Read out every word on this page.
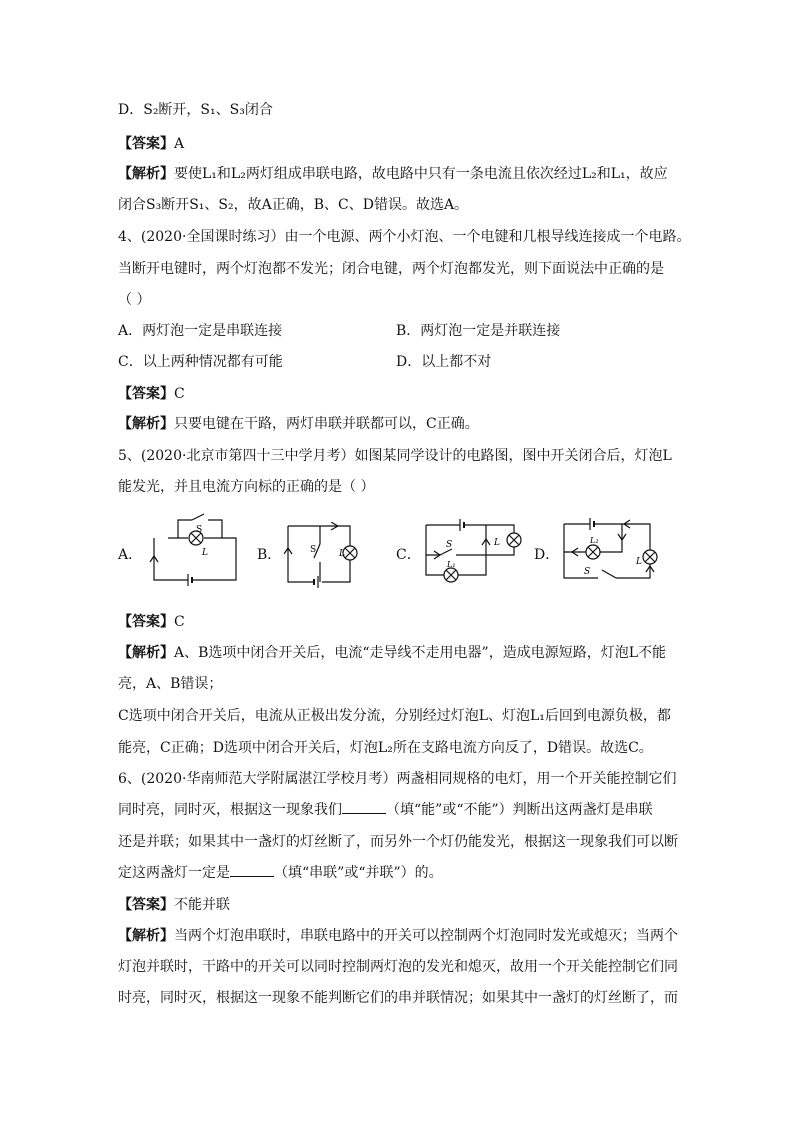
D．S₂断开，S₁、S₃闭合
【答案】A
【解析】要使L₁和L₂两灯组成串联电路，故电路中只有一条电流且依次经过L₂和L₁，故应
闭合S₃断开S₁、S₂，故A正确，B、C、D错误。故选A。
4、(2020·全国课时练习）由一个电源、两个小灯泡、一个电键和几根导线连接成一个电路。
当断开电键时，两个灯泡都不发光；闭合电键，两个灯泡都发光，则下面说法中正确的是
（ ）
A．两灯泡一定是串联连接	B．两灯泡一定是并联连接
C．以上两种情况都有可能	D．以上都不对
【答案】C
【解析】只要电键在干路，两灯串联并联都可以，C正确。
5、(2020·北京市第四十三中学月考）如图某同学设计的电路图，图中开关闭合后，灯泡L
能发光，并且电流方向标的正确的是（ ）
A．
S
L	B．	S	L	C．
S	L
L₁
D．
L₂
L
S
【答案】C
【解析】A、B选项中闭合开关后，电流“走导线不走用电器”，造成电源短路，灯泡L不能
亮，A、B错误；
C选项中闭合开关后，电流从正极出发分流，分别经过灯泡L、灯泡L₁后回到电源负极，都
能亮，C正确；D选项中闭合开关后，灯泡L₂所在支路电流方向反了，D错误。故选C。
6、(2020·华南师范大学附属湛江学校月考）两盏相同规格的电灯，用一个开关能控制它们
同时亮，同时灭，根据这一现象我们	（填“能”或“不能”）判断出这两盏灯是串联
还是并联；如果其中一盏灯的灯丝断了，而另外一个灯仍能发光，根据这一现象我们可以断
定这两盏灯一定是	（填“串联”或“并联”）的。
【答案】不能并联
【解析】当两个灯泡串联时，串联电路中的开关可以控制两个灯泡同时发光或熄灭；当两个
灯泡并联时，干路中的开关可以同时控制两灯泡的发光和熄灭，故用一个开关能控制它们同
时亮，同时灭，根据这一现象不能判断它们的串并联情况；如果其中一盏灯的灯丝断了，而
